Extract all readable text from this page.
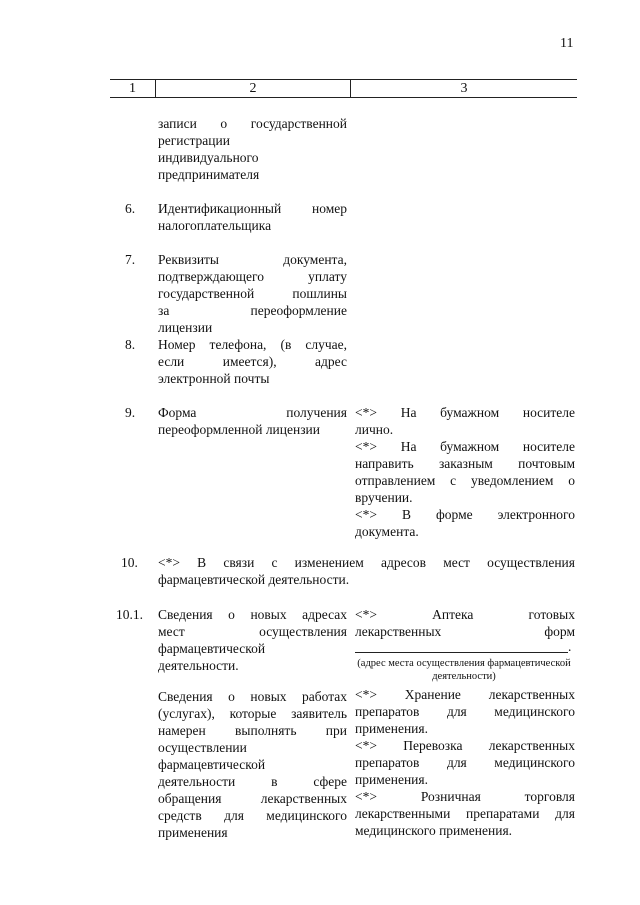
11
1	2	3
записи о государственной
регистрации
индивидуального
предпринимателя
6. Идентификационный номер
налогоплательщика
7. Реквизиты документа,
подтверждающего уплату
государственной пошлины
за переоформление
лицензии
8. Номер телефона, (в случае,
если имеется), адрес
электронной почты
9. Форма получения
переоформленной лицензии
<*> На бумажном носителе
лично.
<*> На бумажном носителе
направить заказным почтовым
отправлением с уведомлением о
вручении.
<*> В форме электронного
документа.
10. <*> В связи с изменением адресов мест осуществления
фармацевтической деятельности.
10.1. Сведения о новых адресах
мест осуществления
фармацевтической
деятельности.
Сведения о новых работах
(услугах), которые заявитель
намерен выполнять при
осуществлении
фармацевтической
деятельности в сфере
обращения лекарственных
средств для медицинского
применения
<*> Аптека готовых
лекарственных форм
.
(адрес места осуществления фармацевтической
деятельности)
<*> Хранение лекарственных
препаратов для медицинского
применения.
<*> Перевозка лекарственных
препаратов для медицинского
применения.
<*> Розничная торговля
лекарственными препаратами для
медицинского применения.
